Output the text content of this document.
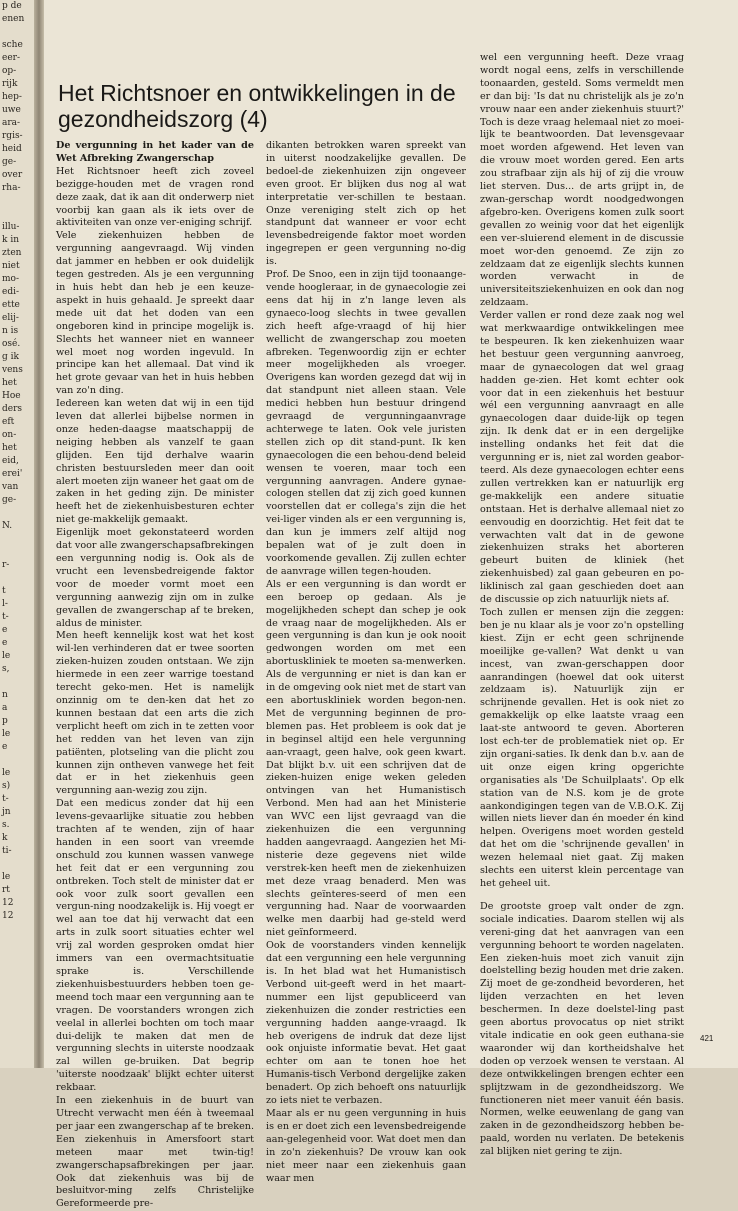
p de
enen

sche
eer-
op-
rijk
hep-
uwe
ara-
rgis-
heid
ge-
over
rha-

illu-
k in
zten
niet
mo-
edi-
ette
elij-
n is
osé.
g ik
vens
het
Hoe
ders
eft
on-
het
eid,
erei'
van
ge-

N.

r-

t
l-
t-
e
e
le
s,

n
a
p
le
e

le
s)
t-
jn
s.
k
ti-

le
rt
12
12
Het Richtsnoer en ontwikkelingen in de gezondheidszorg (4)

De vergunning in het kader van de Wet Afbreking Zwangerschap

Het Richtsnoer heeft zich zoveel bezigge-houden met de vragen rond deze zaak, dat ik aan dit onderwerp niet voorbij kan gaan als ik iets over de aktiviteiten van onze ver-eniging schrijf.

Vele ziekenhuizen hebben de vergunning aangevraagd. Wij vinden dat jammer en hebben er ook duidelijk tegen gestreden. Als je een vergunning in huis hebt dan heb je een keuze-aspekt in huis gehaald. Je spreekt daar mede uit dat het doden van een ongeboren kind in principe mogelijk is. Slechts het wanneer niet en wanneer wel moet nog worden ingevuld. In principe kan het allemaal. Dat vind ik het grote gevaar van het in huis hebben van zo'n ding.

Iedereen kan weten dat wij in een tijd leven dat allerlei bijbelse normen in onze heden-daagse maatschappij de neiging hebben als vanzelf te gaan glijden. Een tijd derhalve waarin christen bestuursleden meer dan ooit alert moeten zijn waneer het gaat om de zaken in het geding zijn. De minister heeft het de ziekenhuisbesturen echter niet ge-makkelijk gemaakt.

Eigenlijk moet gekonstateerd worden dat voor alle zwangerschapsafbrekingen een vergunning nodig is. Ook als de vrucht een levensbedreigende faktor voor de moeder vormt moet een vergunning aanwezig zijn om in zulke gevallen de zwangerschap af te breken, aldus de minister.

Men heeft kennelijk kost wat het kost wil-len verhinderen dat er twee soorten zieken-huizen zouden ontstaan. We zijn hiermede in een zeer warrige toestand terecht geko-men. Het is namelijk onzinnig om te den-ken dat het zo kunnen bestaan dat een arts die zich verplicht heeft om zich in te zetten voor het redden van het leven van zijn patiënten, plotseling van die plicht zou kunnen zijn ontheven vanwege het feit dat er in het ziekenhuis geen vergunning aan-wezig zou zijn.

Dat een medicus zonder dat hij een levens-gevaarlijke situatie zou hebben trachten af te wenden, zijn of haar handen in een soort van vreemde onschuld zou kunnen wassen vanwege het feit dat er een vergunning zou ontbreken. Toch stelt de minister dat er ook voor zulk soort gevallen een vergun-ning noodzakelijk is. Hij voegt er wel aan toe dat hij verwacht dat een arts in zulk soort situaties echter wel vrij zal worden gesproken omdat hier immers van een overmachtsituatie sprake is. Verschillende ziekenhuisbestuurders hebben toen ge-meend toch maar een vergunning aan te vragen. De voorstanders wrongen zich veelal in allerlei bochten om toch maar dui-delijk te maken dat men de vergunning slechts in uiterste noodzaak zal willen ge-bruiken. Dat begrip 'uiterste noodzaak' blijkt echter uiterst rekbaar.

In een ziekenhuis in de buurt van Utrecht verwacht men één à tweemaal per jaar een zwangerschap af te breken. Een ziekenhuis in Amersfoort start meteen maar met twin-tig! zwangerschapsafbrekingen per jaar. Ook dat ziekenhuis was bij de besluitvor-ming zelfs Christelijke Gereformeerde pre-

dikanten betrokken waren spreekt van in uiterst noodzakelijke gevallen. De bedoel-de ziekenhuizen zijn ongeveer even groot. Er blijken dus nog al wat interpretatie ver-schillen te bestaan. Onze vereniging stelt zich op het standpunt dat wanneer er voor echt levensbedreigende faktor moet worden ingegrepen er geen vergunning no-dig is.

Prof. De Snoo, een in zijn tijd toonaange-vende hoogleraar, in de gynaecologie zei eens dat hij in z'n lange leven als gynaeco-loog slechts in twee gevallen zich heeft afge-vraagd of hij hier wellicht de zwangerschap zou moeten afbreken. Tegenwoordig zijn er echter meer mogelijkheden als vroeger. Overigens kan worden gezegd dat wij in dat standpunt niet alleen staan. Vele medici hebben hun bestuur dringend gevraagd de vergunningaanvrage achterwege te laten. Ook vele juristen stellen zich op dit stand-punt. Ik ken gynaecologen die een behou-dend beleid wensen te voeren, maar toch een vergunning aanvragen. Andere gynae-cologen stellen dat zij zich goed kunnen voorstellen dat er collega's zijn die het vei-liger vinden als er een vergunning is, dan kun je immers zelf altijd nog bepalen wat of je zult doen in voorkomende gevallen. Zij zullen echter de aanvrage willen tegen-houden.

Als er een vergunning is dan wordt er een beroep op gedaan. Als je mogelijkheden schept dan schep je ook de vraag naar de mogelijkheden. Als er geen vergunning is dan kun je ook nooit gedwongen worden om met een abortuskliniek te moeten sa-menwerken. Als de vergunning er niet is dan kan er in de omgeving ook niet met de start van een abortuskliniek worden begon-nen. Met de vergunning beginnen de pro-blemen pas. Het probleem is ook dat je in beginsel altijd een hele vergunning aan-vraagt, geen halve, ook geen kwart. Dat blijkt b.v. uit een schrijven dat de zieken-huizen enige weken geleden ontvingen van het Humanistisch Verbond. Men had aan het Ministerie van WVC een lijst gevraagd van die ziekenhuizen die een vergunning hadden aangevraagd. Aangezien het Mi-nisterie deze gegevens niet wilde verstrek-ken heeft men de ziekenhuizen met deze vraag benaderd. Men was slechts geïnteres-seerd of men een vergunning had. Naar de voorwaarden welke men daarbij had ge-steld werd niet geïnformeerd.

Ook de voorstanders vinden kennelijk dat een vergunning een hele vergunning is. In het blad wat het Humanistisch Verbond uit-geeft werd in het maart-nummer een lijst gepubliceerd van ziekenhuizen die zonder restricties een vergunning hadden aange-vraagd. Ik heb overigens de indruk dat deze lijst ook onjuiste informatie bevat. Het gaat echter om aan te tonen hoe het Humanis-tisch Verbond dergelijke zaken benadert. Op zich behoeft ons natuurlijk zo iets niet te verbazen.

Maar als er nu geen vergunning in huis is en er doet zich een levensbedreigende aan-gelegenheid voor. Wat doet men dan in zo'n ziekenhuis? De vrouw kan ook niet meer naar een ziekenhuis gaan waar men

wel een vergunning heeft. Deze vraag wordt nogal eens, zelfs in verschillende toonaarden, gesteld. Soms vermeldt men er dan bij: 'Is dat nu christelijk als je zo'n vrouw naar een ander ziekenhuis stuurt?' Toch is deze vraag helemaal niet zo moei-lijk te beantwoorden. Dat levensgevaar moet worden afgewend. Het leven van die vrouw moet worden gered. Een arts zou strafbaar zijn als hij of zij die vrouw liet sterven. Dus... de arts grijpt in, de zwan-gerschap wordt noodgedwongen afgebro-ken. Overigens komen zulk soort gevallen zo weinig voor dat het eigenlijk een ver-sluierend element in de discussie moet wor-den genoemd. Ze zijn zo zeldzaam dat ze eigenlijk slechts kunnen worden verwacht in de universiteitsziekenhuizen en ook dan nog zeldzaam.

Verder vallen er rond deze zaak nog wel wat merkwaardige ontwikkelingen mee te bespeuren. Ik ken ziekenhuizen waar het bestuur geen vergunning aanvroeg, maar de gynaecologen dat wel graag hadden ge-zien. Het komt echter ook voor dat in een ziekenhuis het bestuur wél een vergunning aanvraagt en alle gynaecologen daar duide-lijk op tegen zijn. Ik denk dat er in een dergelijke instelling ondanks het feit dat die vergunning er is, niet zal worden geabor-teerd. Als deze gynaecologen echter eens zullen vertrekken kan er natuurlijk erg ge-makkelijk een andere situatie ontstaan. Het is derhalve allemaal niet zo eenvoudig en doorzichtig. Het feit dat te verwachten valt dat in de gewone ziekenhuizen straks het aborteren gebeurt buiten de kliniek (het ziekenhuisbed) zal gaan gebeuren en po-liklinisch zal gaan geschieden doet aan de discussie op zich natuurlijk niets af.

Toch zullen er mensen zijn die zeggen: ben je nu klaar als je voor zo'n opstelling kiest. Zijn er echt geen schrijnende moeilijke ge-vallen? Wat denkt u van incest, van zwan-gerschappen door aanrandingen (hoewel dat ook uiterst zeldzaam is). Natuurlijk zijn er schrijnende gevallen. Het is ook niet zo gemakkelijk op elke laatste vraag een laat-ste antwoord te geven. Aborteren lost ech-ter de problematiek niet op. Er zijn organi-saties. Ik denk dan b.v. aan de uit onze eigen kring opgerichte organisaties als 'De Schuilplaats'. Op elk station van de N.S. kom je de grote aankondigingen tegen van de V.B.O.K. Zij willen niets liever dan én moeder én kind helpen. Overigens moet worden gesteld dat het om die 'schrijnende gevallen' in wezen helemaal niet gaat. Zij maken slechts een uiterst klein percentage van het geheel uit.

De grootste groep valt onder de zgn. sociale indicaties. Daarom stellen wij als vereni-ging dat het aanvragen van een vergunning behoort te worden nagelaten. Een zieken-huis moet zich vanuit zijn doelstelling bezig houden met drie zaken. Zij moet de ge-zondheid bevorderen, het lijden verzachten en het leven beschermen. In deze doelstel-ling past geen abortus provocatus op niet strikt vitale indicatie en ook geen euthana-sie waaronder wij dan kortheidshalve het doden op verzoek wensen te verstaan. Al deze ontwikkelingen brengen echter een splijtzwam in de gezondheidszorg. We functioneren niet meer vanuit één basis. Normen, welke eeuwenlang de gang van zaken in de gezondheidszorg hebben be-paald, worden nu verlaten. De betekenis zal blijken niet gering te zijn.

421
